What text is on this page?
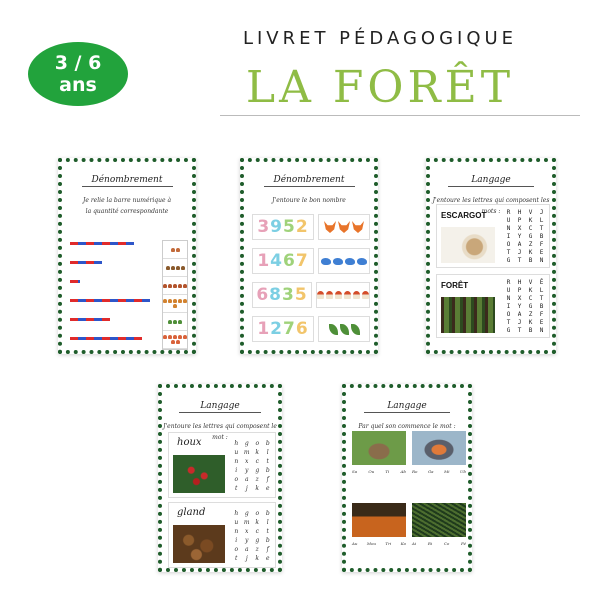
3 / 6
ans
LIVRET PÉDAGOGIQUE
LA FORÊT
Dénombrement
Je relie la barre numérique à
la quantité correspondante
Dénombrement
J'entoure le bon nombre
3 9 5 2
1 4 6 7
6 8 3 5
1 2 7 6
Langage
J'entoure les lettres qui composent les mots :
ESCARGOT	R	H	V	J
U	P	K	L
N	X	C	T
I	Y	G	B
O	A	Z	F
T	J	K	E
G	T	B	N
FORÊT	R	H	V	Ê
U	P	K	L
N	X	C	T
I	Y	G	B
O	A	Z	F
T	J	K	E
G	T	B	N
Langage
J'entoure les lettres qui composent le mot :
houx	h	g	o	b
u m k	l
n	x	c	t
i	y	g	b
o	a	z	f
t	j	k	e
gland	h	g	o	b
u m k	l
n	x	c	t
i	y	g	b
o	a	z	f
t	j	k	e
Langage
Par quel son commence le mot :
Sa	Ou	Ti	Ab Ro	Ga	Mi	Ub
Au Mou Tri Ko Ai	Ri	Co	Fé
